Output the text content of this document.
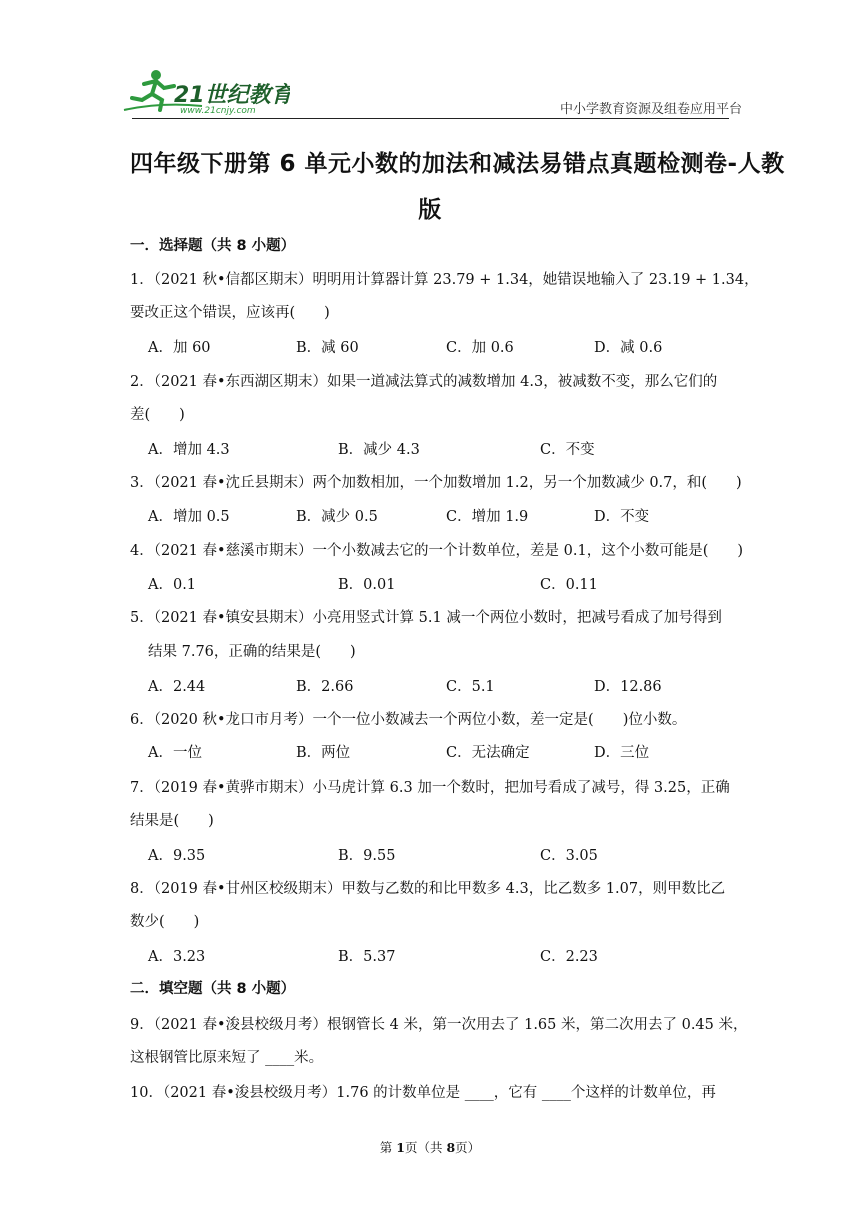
21世纪教育
www.21cnjy.com	中小学教育资源及组卷应用平台
四年级下册第 6 单元小数的加法和减法易错点真题检测卷-人教
版
一．选择题（共 8 小题）
二．填空题（共 8 小题）
1．（2021 秋•信都区期末）明明用计算器计算 23.79 + 1.34，她错误地输入了 23.19 + 1.34，
要改正这个错误，应该再(　　)
A．加 60	B．减 60	C．加 0.6	D．减 0.6
2．（2021 春•东西湖区期末）如果一道减法算式的减数增加 4.3，被减数不变，那么它们的
差(　　)
A．增加 4.3	B．减少 4.3	C．不变
3．（2021 春•沈丘县期末）两个加数相加，一个加数增加 1.2，另一个加数减少 0.7，和(　　)
A．增加 0.5	B．减少 0.5	C．增加 1.9	D．不变
4．（2021 春•慈溪市期末）一个小数减去它的一个计数单位，差是 0.1，这个小数可能是(　　)
A．0.1	B．0.01	C．0.11
5．（2021 春•镇安县期末）小亮用竖式计算 5.1 减一个两位小数时，把减号看成了加号得到
结果 7.76，正确的结果是(　　)
A．2.44	B．2.66	C．5.1	D．12.86
6．（2020 秋•龙口市月考）一个一位小数减去一个两位小数，差一定是(　　)位小数。
A．一位	B．两位	C．无法确定	D．三位
7．（2019 春•黄骅市期末）小马虎计算 6.3 加一个数时，把加号看成了减号，得 3.25，正确
结果是(　　)
A．9.35	B．9.55	C．3.05
8．（2019 春•甘州区校级期末）甲数与乙数的和比甲数多 4.3，比乙数多 1.07，则甲数比乙
数少(　　)
A．3.23	B．5.37	C．2.23
9．（2021 春•浚县校级月考）根钢管长 4 米，第一次用去了 1.65 米，第二次用去了 0.45 米，
这根钢管比原来短了 ____米。
10．（2021 春•浚县校级月考）1.76 的计数单位是 ____，它有 ____个这样的计数单位，再
第 1页（共 8页）
